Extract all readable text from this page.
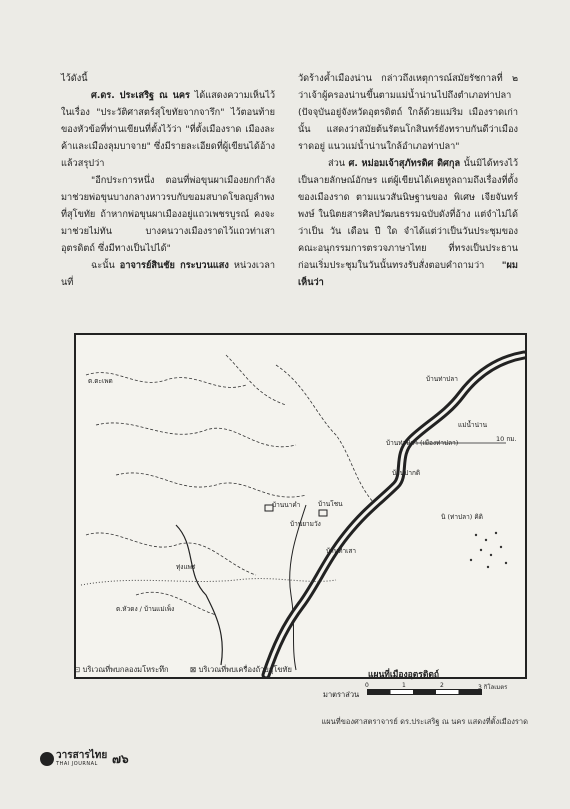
ไว้ดังนี้

ศ.ดร. ประเสริฐ ณ นคร ได้แสดงความเห็นไว้ในเรื่อง "ประวัติศาสตร์สุโขทัยจากจารึก" ไว้ตอนท้ายของหัวข้อที่ท่านเขียนที่ตั้งไว้ว่า "ที่ตั้งเมืองราด เมืองละค้าและเมืองลุมบาจาย" ซึ่งมีรายละเอียดที่ผู้เขียนได้อ้างแล้วสรุปว่า

"อีกประการหนึ่ง ตอนที่พ่อขุนผาเมืองยกกำลังมาช่วยพ่อขุนบางกลางหาวรบกับขอมสบาดโขลญลำพงที่สุโขทัย ถ้าหากพ่อขุนผาเมืองอยู่แถวเพชรบูรณ์ คงจะมาช่วยไม่ทัน บางคนวางเมืองราดไว้แถวท่าเสา อุตรดิตถ์ ซึ่งมีทางเป็นไปได้"

ฉะนั้น อาจารย์สินชัย กระบวนแสง หน่วงเวลานที่

วัดร้างค้ำเมืองน่าน กล่าวถึงเหตุการณ์สมัยรัชกาลที่ ๒ ว่าเจ้าผู้ครองน่านขึ้นตามแม่น้ำน่านไปถึงตำเภอท่าปลา (ปัจจุบันอยู่จังหวัดอุตรดิตถ์ ใกล้ด้วยแม่ริม เมืองราดเก่านั้น แสดงว่าสมัยต้นรัตนโกสินทร์ยังทราบกันดีว่าเมืองราดอยู่ แนวแม่น้ำน่านใกล้อำเภอท่าปลา"

ส่วน ศ. หม่อมเจ้าสุภัทรดิศ ดิศกุล นั้นมิได้ทรงไว้เป็นลายลักษณ์อักษร แต่ผู้เขียนได้เคยทูลถามถึงเรื่องที่ตั้งของเมืองราด ตามแนวสันนิษฐานของ พิเศษ เจียจันทร์พงษ์ ในนิตยสารศิลปวัฒนธรรมฉบับดังที่อ้าง แต่จำไม่ได้ว่าเป็น วัน เดือน ปี ใด จำได้แต่ว่าเป็นวันประชุมของคณะอนุกรรมการตรวจภาษาไทย ที่ทรงเป็นประธาน ก่อนเริ่มประชุมในวันนั้นทรงรับสั่งตอบคำถามว่า "ผมเห็นว่า

แม่น้ำน่าน
บ้านท่าปลา
บ้านท่าปลา (เมืองท่าปลา)	10 กม.
บ้านปากดิ
บ้านนาคำ	บ้านโชน
บ้านยามวัง
นิ (ท่าปลา) คิดิ
บ้านท่าเสา
ทุ่งแพร่
ต.ตะเพด
ต.หัวดง / บ้านแม่เพ็ง
⊡ บริเวณที่พบกลองมโหระทึก	⊠ บริเวณที่พบเครื่องถ้วยสุโขทัย
แผนที่เมืองอุตรดิตถ์
มาตราส่วน
0	1	2	3 กิโลเมตร
แผนที่ของศาสตราจารย์ ดร.ประเสริฐ ณ นคร แสดงที่ตั้งเมืองราด
วารสารไทย
THAI JOURNAL ๗๖
